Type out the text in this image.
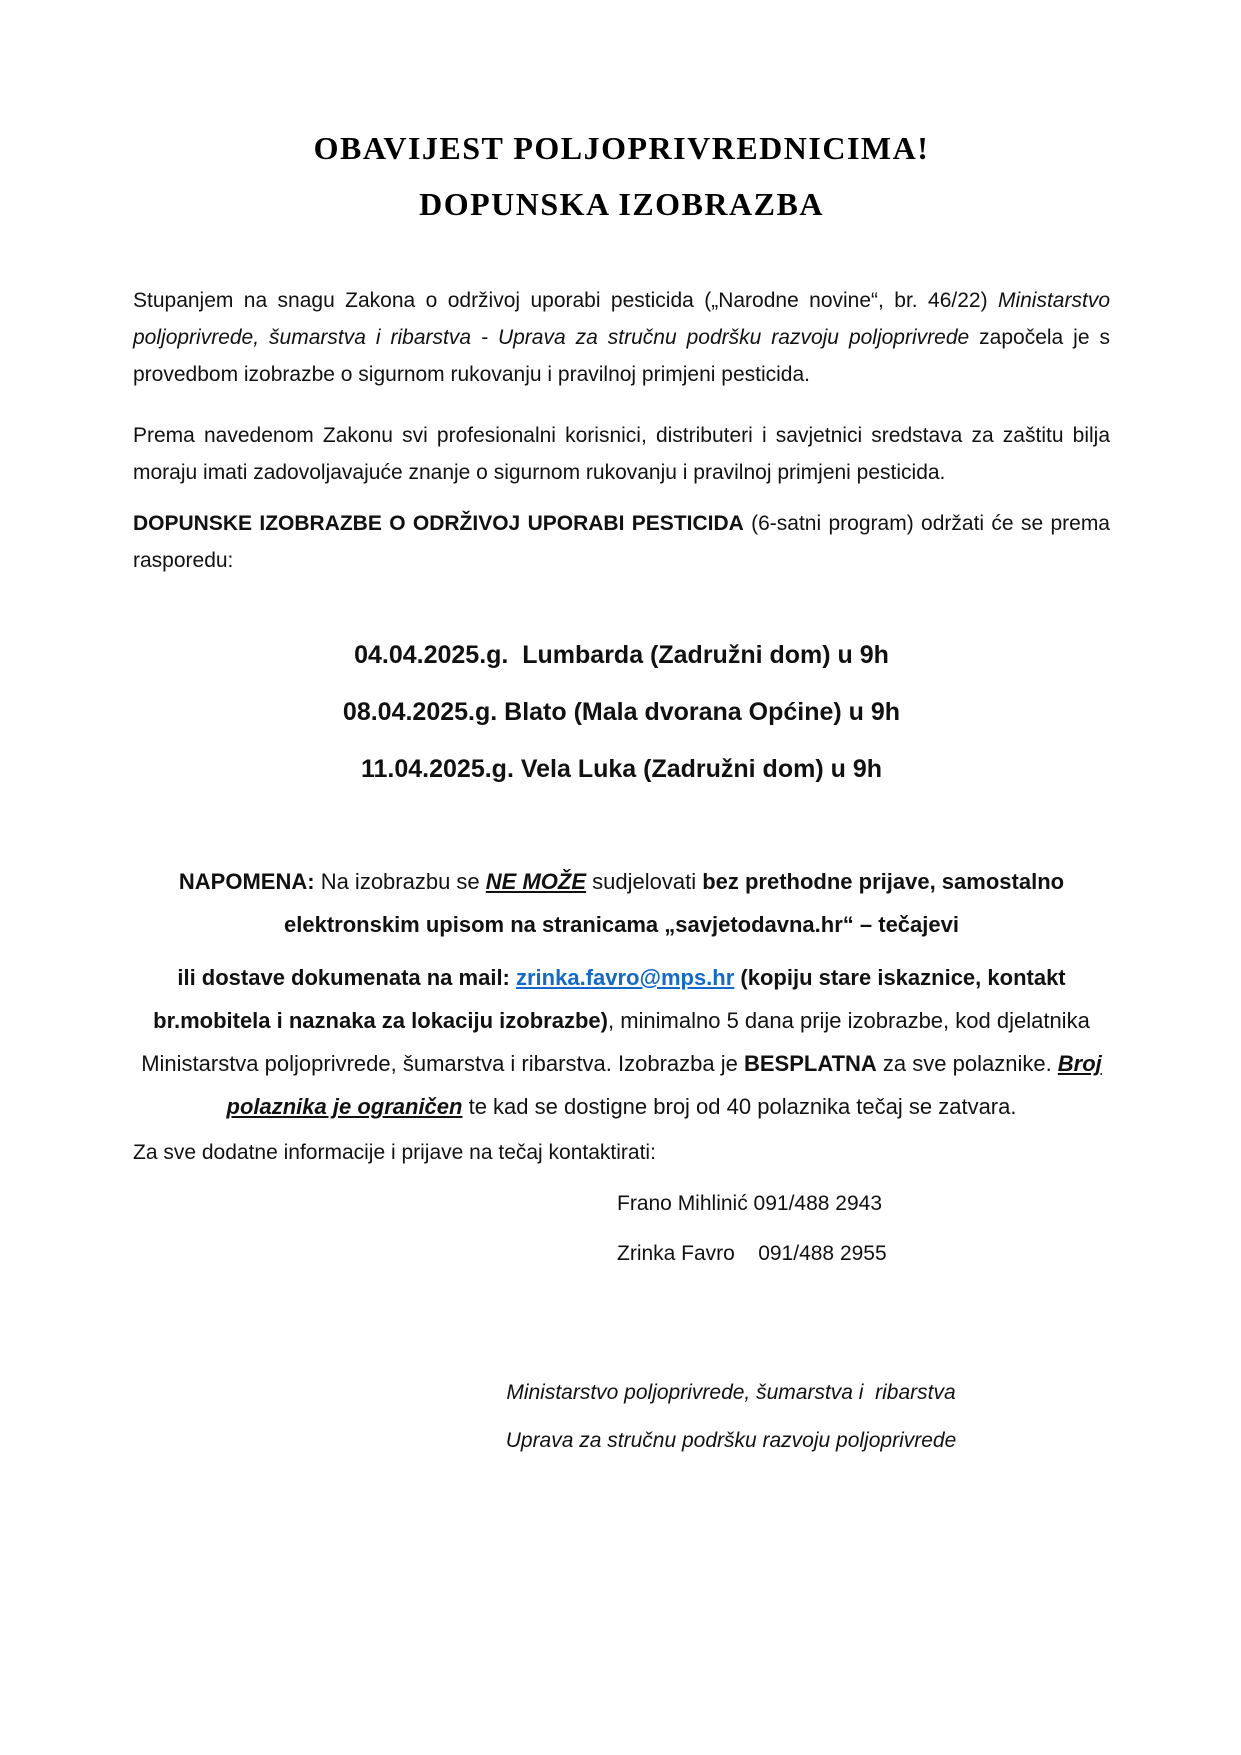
OBAVIJEST POLJOPRIVREDNICIMA!
DOPUNSKA IZOBRAZBA

Stupanjem na snagu Zakona o održivoj uporabi pesticida („Narodne novine“, br. 46/22) Ministarstvo poljoprivrede, šumarstva i ribarstva - Uprava za stručnu podršku razvoju poljoprivrede započela je s provedbom izobrazbe o sigurnom rukovanju i pravilnoj primjeni pesticida.

Prema navedenom Zakonu svi profesionalni korisnici, distributeri i savjetnici sredstava za zaštitu bilja moraju imati zadovoljavajuće znanje o sigurnom rukovanju i pravilnoj primjeni pesticida.

DOPUNSKE IZOBRAZBE O ODRŽIVOJ UPORABI PESTICIDA (6-satni program) održati će se prema rasporedu:

04.04.2025.g.  Lumbarda (Zadružni dom) u 9h
08.04.2025.g. Blato (Mala dvorana Općine) u 9h
11.04.2025.g. Vela Luka (Zadružni dom) u 9h

NAPOMENA: Na izobrazbu se NE MOŽE sudjelovati bez prethodne prijave, samostalno elektronskim upisom na stranicama „savjetodavna.hr“ – tečajevi

ili dostave dokumenata na mail: zrinka.favro@mps.hr (kopiju stare iskaznice, kontakt br.mobitela i naznaka za lokaciju izobrazbe), minimalno 5 dana prije izobrazbe, kod djelatnika Ministarstva poljoprivrede, šumarstva i ribarstva. Izobrazba je BESPLATNA za sve polaznike. Broj polaznika je ograničen te kad se dostigne broj od 40 polaznika tečaj se zatvara.

Za sve dodatne informacije i prijave na tečaj kontaktirati:

Frano Mihlinić 091/488 2943

Zrinka Favro    091/488 2955

Ministarstvo poljoprivrede, šumarstva i  ribarstva

Uprava za stručnu podršku razvoju poljoprivrede
